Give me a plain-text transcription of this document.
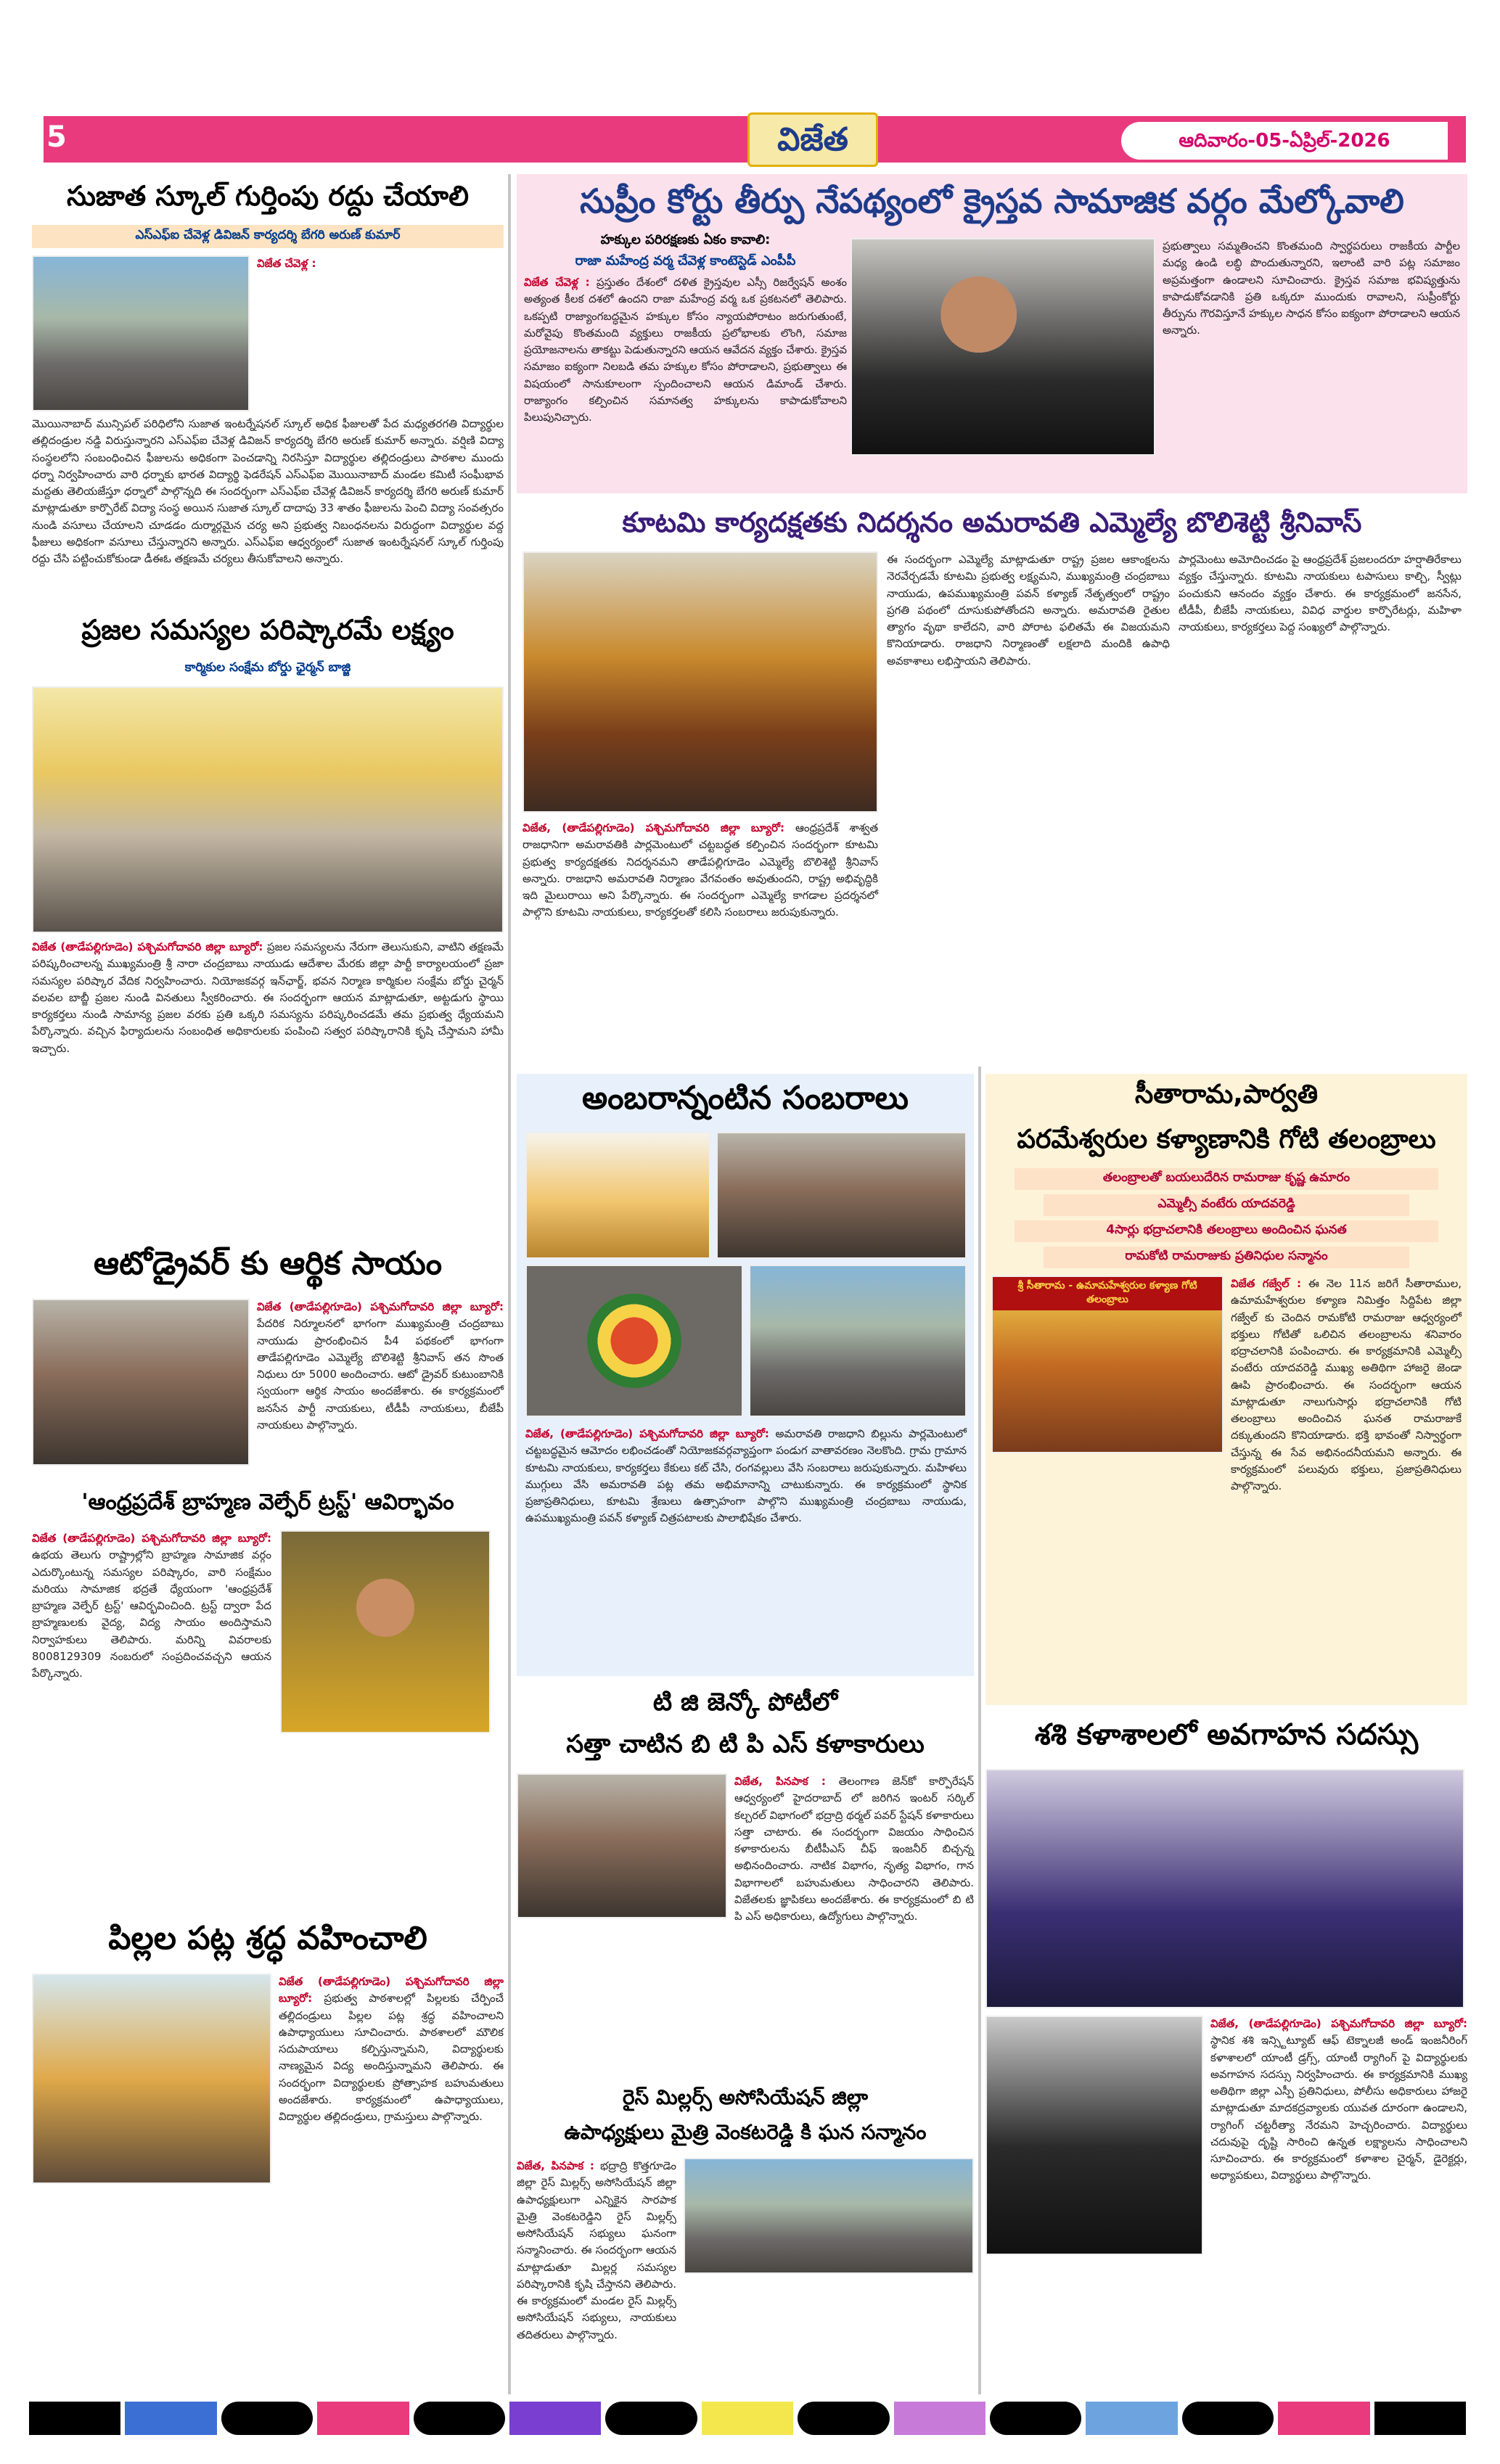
5	విజేత	ఆదివారం-05-ఏప్రిల్-2026
సుజాత స్కూల్ గుర్తింపు రద్దు చేయాలి
ఎస్ఎఫ్ఐ చేవెళ్ల డివిజన్ కార్యదర్శి బేగరి అరుణ్ కుమార్
విజేత చేవెళ్ల :
మొయినాబాద్ మున్సిపల్ పరిధిలోని సుజాత ఇంటర్నేషనల్ స్కూల్ అధిక ఫీజులతో పేద మధ్యతరగతి విద్యార్థుల తల్లిదండ్రుల నడ్డి విరుస్తున్నారని ఎస్ఎఫ్ఐ చేవెళ్ల డివిజన్ కార్యదర్శి బేగరి అరుణ్ కుమార్ అన్నారు. వర్షిణి విద్యా సంస్థలలోని సంబంధించిన ఫీజులను అధికంగా పెంచడాన్ని నిరసిస్తూ విద్యార్థుల తల్లిదండ్రులు పాఠశాల ముందు ధర్నా నిర్వహించారు వారి ధర్నాకు భారత విద్యార్థి ఫెడరేషన్ ఎస్ఎఫ్ఐ మొయినాబాద్ మండల కమిటీ సంఘీభావ మద్దతు తెలియజేస్తూ ధర్నాలో పాల్గొన్నది ఈ సందర్భంగా ఎస్ఎఫ్ఐ చేవెళ్ల డివిజన్ కార్యదర్శి బేగరి అరుణ్ కుమార్ మాట్లాడుతూ కార్పొరేట్ విద్యా సంస్థ అయిన సుజాత స్కూల్ దాదాపు 33 శాతం ఫీజులను పెంచి విద్యా సంవత్సరం నుండి వసూలు చేయాలని చూడడం దుర్మార్గమైన చర్య అని ప్రభుత్వ నిబంధనలను విరుద్ధంగా విద్యార్థుల వద్ద ఫీజులు అధికంగా వసూలు చేస్తున్నారని అన్నారు. ఎస్ఎఫ్ఐ ఆధ్వర్యంలో సుజాత ఇంటర్నేషనల్ స్కూల్ గుర్తింపు రద్దు చేసి పట్టించుకోకుండా డీఈఓ తక్షణమే చర్యలు తీసుకోవాలని అన్నారు.
ప్రజల సమస్యల పరిష్కారమే లక్ష్యం
కార్మికుల సంక్షేమ బోర్డు ఛైర్మన్ బాజ్జి
విజేత (తాడేపల్లిగూడెం) పశ్చిమగోదావరి జిల్లా బ్యూరో: ప్రజల సమస్యలను నేరుగా తెలుసుకుని, వాటిని తక్షణమే పరిష్కరించాలన్న ముఖ్యమంత్రి శ్రీ నారా చంద్రబాబు నాయుడు ఆదేశాల మేరకు జిల్లా పార్టీ కార్యాలయంలో ప్రజా సమస్యల పరిష్కార వేదిక నిర్వహించారు. నియోజకవర్గ ఇన్‌ఛార్జ్, భవన నిర్మాణ కార్మికుల సంక్షేమ బోర్డు చైర్మన్ వలవల బాబ్జీ ప్రజల నుండి వినతులు స్వీకరించారు. ఈ సందర్భంగా ఆయన మాట్లాడుతూ, అట్టడుగు స్థాయి కార్యకర్తలు నుండి సామాన్య ప్రజల వరకు ప్రతి ఒక్కరి సమస్యను పరిష్కరించడమే తమ ప్రభుత్వ ధ్యేయమని పేర్కొన్నారు. వచ్చిన ఫిర్యాదులను సంబంధిత అధికారులకు పంపించి సత్వర పరిష్కారానికి కృషి చేస్తామని హామీ ఇచ్చారు.
ఆటోడ్రైవర్ కు ఆర్థిక సాయం
విజేత (తాడేపల్లిగూడెం) పశ్చిమగోదావరి జిల్లా బ్యూరో: పేదరిక నిర్మూలనలో భాగంగా ముఖ్యమంత్రి చంద్రబాబు నాయుడు ప్రారంభించిన పీ4 పథకంలో భాగంగా తాడేపల్లిగూడెం ఎమ్మెల్యే బొలిశెట్టి శ్రీనివాస్ తన సొంత నిధులు రూ 5000 అందించారు. ఆటో డ్రైవర్ కుటుంబానికి స్వయంగా ఆర్థిక సాయం అందజేశారు. ఈ కార్యక్రమంలో జనసేన పార్టీ నాయకులు, టీడీపీ నాయకులు, బీజేపీ నాయకులు పాల్గొన్నారు.
'ఆంధ్రప్రదేశ్ బ్రాహ్మణ వెల్ఫేర్ ట్రస్ట్' ఆవిర్భావం
విజేత (తాడేపల్లిగూడెం) పశ్చిమగోదావరి జిల్లా బ్యూరో: ఉభయ తెలుగు రాష్ట్రాల్లోని బ్రాహ్మణ సామాజిక వర్గం ఎదుర్కొంటున్న సమస్యల పరిష్కారం, వారి సంక్షేమం మరియు సామాజిక భద్రతే ధ్యేయంగా 'ఆంధ్రప్రదేశ్ బ్రాహ్మణ వెల్ఫేర్ ట్రస్ట్' ఆవిర్భవించింది. ట్రస్ట్ ద్వారా పేద బ్రాహ్మణులకు వైద్య, విద్య సాయం అందిస్తామని నిర్వాహకులు తెలిపారు. మరిన్ని వివరాలకు 8008129309 నంబరులో సంప్రదించవచ్చని ఆయన పేర్కొన్నారు.
పిల్లల పట్ల శ్రద్ధ వహించాలి
విజేత (తాడేపల్లిగూడెం) పశ్చిమగోదావరి జిల్లా బ్యూరో: ప్రభుత్వ పాఠశాలల్లో పిల్లలకు చేర్పించే తల్లిదండ్రులు పిల్లల పట్ల శ్రద్ధ వహించాలని ఉపాధ్యాయులు సూచించారు. పాఠశాలలో మౌలిక సదుపాయాలు కల్పిస్తున్నామని, విద్యార్థులకు నాణ్యమైన విద్య అందిస్తున్నామని తెలిపారు. ఈ సందర్భంగా విద్యార్థులకు ప్రోత్సాహక బహుమతులు అందజేశారు. కార్యక్రమంలో ఉపాధ్యాయులు, విద్యార్థుల తల్లిదండ్రులు, గ్రామస్తులు పాల్గొన్నారు.
సుప్రీం కోర్టు తీర్పు నేపథ్యంలో క్రైస్తవ సామాజిక వర్గం మేల్కోవాలి
హక్కుల పరిరక్షణకు ఏకం కావాలి:
రాజా మహేంద్ర వర్మ చేవెళ్ల కాంటెస్టెడ్ ఎంపీపీ
విజేత చేవెళ్ల : ప్రస్తుతం దేశంలో దళిత క్రైస్తవుల ఎస్సీ రిజర్వేషన్ అంశం అత్యంత కీలక దశలో ఉందని రాజా మహేంద్ర వర్మ ఒక ప్రకటనలో తెలిపారు. ఒకప్పటి రాజ్యాంగబద్ధమైన హక్కుల కోసం న్యాయపోరాటం జరుగుతుంటే, మరోవైపు కొంతమంది వ్యక్తులు రాజకీయ ప్రలోభాలకు లొంగి, సమాజ ప్రయోజనాలను తాకట్టు పెడుతున్నారని ఆయన ఆవేదన వ్యక్తం చేశారు. క్రైస్తవ సమాజం ఐక్యంగా నిలబడి తమ హక్కుల కోసం పోరాడాలని, ప్రభుత్వాలు ఈ విషయంలో సానుకూలంగా స్పందించాలని ఆయన డిమాండ్ చేశారు. రాజ్యాంగం కల్పించిన సమానత్వ హక్కులను కాపాడుకోవాలని పిలుపునిచ్చారు.
ప్రభుత్వాలు సమ్మతించని కొంతమంది స్వార్థపరులు రాజకీయ పార్టీల మధ్య ఉండి లబ్ధి పొందుతున్నారని, ఇలాంటి వారి పట్ల సమాజం అప్రమత్తంగా ఉండాలని సూచించారు. క్రైస్తవ సమాజ భవిష్యత్తును కాపాడుకోవడానికి ప్రతి ఒక్కరూ ముందుకు రావాలని, సుప్రీంకోర్టు తీర్పును గౌరవిస్తూనే హక్కుల సాధన కోసం ఐక్యంగా పోరాడాలని ఆయన అన్నారు.
కూటమి కార్యదక్షతకు నిదర్శనం అమరావతి ఎమ్మెల్యే బొలిశెట్టి శ్రీనివాస్
విజేత, (తాడేపల్లిగూడెం) పశ్చిమగోదావరి జిల్లా బ్యూరో: ఆంధ్రప్రదేశ్ శాశ్వత రాజధానిగా అమరావతికి పార్లమెంటులో చట్టబద్ధత కల్పించిన సందర్భంగా కూటమి ప్రభుత్వ కార్యదక్షతకు నిదర్శనమని తాడేపల్లిగూడెం ఎమ్మెల్యే బొలిశెట్టి శ్రీనివాస్ అన్నారు. రాజధాని అమరావతి నిర్మాణం వేగవంతం అవుతుందని, రాష్ట్ర అభివృద్ధికి ఇది మైలురాయి అని పేర్కొన్నారు. ఈ సందర్భంగా ఎమ్మెల్యే కాగడాల ప్రదర్శనలో పాల్గొని కూటమి నాయకులు, కార్యకర్తలతో కలిసి సంబరాలు జరుపుకున్నారు.
ఈ సందర్భంగా ఎమ్మెల్యే మాట్లాడుతూ రాష్ట్ర ప్రజల ఆకాంక్షలను నెరవేర్చడమే కూటమి ప్రభుత్వ లక్ష్యమని, ముఖ్యమంత్రి చంద్రబాబు నాయుడు, ఉపముఖ్యమంత్రి పవన్ కళ్యాణ్ నేతృత్వంలో రాష్ట్రం ప్రగతి పథంలో దూసుకుపోతోందని అన్నారు. అమరావతి రైతుల త్యాగం వృథా కాలేదని, వారి పోరాట ఫలితమే ఈ విజయమని కొనియాడారు. రాజధాని నిర్మాణంతో లక్షలాది మందికి ఉపాధి అవకాశాలు లభిస్తాయని తెలిపారు.
పార్లమెంటు అమోదించడం పై ఆంధ్రప్రదేశ్ ప్రజలందరూ హర్షాతిరేకాలు వ్యక్తం చేస్తున్నారు. కూటమి నాయకులు టపాసులు కాల్చి, స్వీట్లు పంచుకుని ఆనందం వ్యక్తం చేశారు. ఈ కార్యక్రమంలో జనసేన, టీడీపీ, బీజేపీ నాయకులు, వివిధ వార్డుల కార్పొరేటర్లు, మహిళా నాయకులు, కార్యకర్తలు పెద్ద సంఖ్యలో పాల్గొన్నారు.
అంబరాన్నంటిన సంబరాలు
విజేత, (తాడేపల్లిగూడెం) పశ్చిమగోదావరి జిల్లా బ్యూరో: అమరావతి రాజధాని బిల్లును పార్లమెంటులో చట్టబద్ధమైన ఆమోదం లభించడంతో నియోజకవర్గవ్యాప్తంగా పండుగ వాతావరణం నెలకొంది. గ్రామ గ్రామాన కూటమి నాయకులు, కార్యకర్తలు కేకులు కట్ చేసి, రంగవల్లులు వేసి సంబరాలు జరుపుకున్నారు. మహిళలు ముగ్గులు వేసి అమరావతి పట్ల తమ అభిమానాన్ని చాటుకున్నారు. ఈ కార్యక్రమంలో స్థానిక ప్రజాప్రతినిధులు, కూటమి శ్రేణులు ఉత్సాహంగా పాల్గొని ముఖ్యమంత్రి చంద్రబాబు నాయుడు, ఉపముఖ్యమంత్రి పవన్ కళ్యాణ్ చిత్రపటాలకు పాలాభిషేకం చేశారు.
టి జి జెన్కో పోటీలో
సత్తా చాటిన బి టి పి ఎస్ కళాకారులు
విజేత, పినపాక : తెలంగాణ జెన్‌కో కార్పొరేషన్ ఆధ్వర్యంలో హైదరాబాద్ లో జరిగిన ఇంటర్ సర్కిల్ కల్చరల్ విభాగంలో భద్రాద్రి థర్మల్ పవర్ స్టేషన్ కళాకారులు సత్తా చాటారు. ఈ సందర్భంగా విజయం సాధించిన కళాకారులను బీటీపీఎస్ చీఫ్ ఇంజనీర్ బిచ్చన్న అభినందించారు. నాటిక విభాగం, నృత్య విభాగం, గాన విభాగాలలో బహుమతులు సాధించారని తెలిపారు. విజేతలకు జ్ఞాపికలు అందజేశారు. ఈ కార్యక్రమంలో బి టి పి ఎస్ అధికారులు, ఉద్యోగులు పాల్గొన్నారు.
రైస్ మిల్లర్స్ అసోసియేషన్ జిల్లా
ఉపాధ్యక్షులు మైత్రి వెంకటరెడ్డి కి ఘన సన్మానం
విజేత, పినపాక : భద్రాద్రి కొత్తగూడెం జిల్లా రైస్ మిల్లర్స్ అసోసియేషన్ జిల్లా ఉపాధ్యక్షులుగా ఎన్నికైన సారపాక మైత్రి వెంకటరెడ్డిని రైస్ మిల్లర్స్ అసోసియేషన్ సభ్యులు ఘనంగా సన్మానించారు. ఈ సందర్భంగా ఆయన మాట్లాడుతూ మిల్లర్ల సమస్యల పరిష్కారానికి కృషి చేస్తానని తెలిపారు. ఈ కార్యక్రమంలో మండల రైస్ మిల్లర్స్ అసోసియేషన్ సభ్యులు, నాయకులు తదితరులు పాల్గొన్నారు.
సీతారామ,పార్వతి
పరమేశ్వరుల కళ్యాణానికి గోటి తలంబ్రాలు
తలంబ్రాలతో బయలుదేరిన రామరాజు కృష్ణ ఉమారం
ఎమ్మెల్సీ వంటేరు యాదవరెడ్డి
4సార్లు భద్రాచలానికి తలంబ్రాలు అందించిన ఘనత
రామకోటి రామరాజుకు ప్రతినిధుల సన్మానం
శ్రీ సీతారామ - ఉమామహేశ్వరుల కళ్యాణ గోటి తలంబ్రాలు
విజేత గజ్వేల్ : ఈ నెల 11న జరిగే సీతారాముల, ఉమామహేశ్వరుల కళ్యాణ నిమిత్తం సిద్దిపేట జిల్లా గజ్వేల్ కు చెందిన రామకోటి రామరాజు ఆధ్వర్యంలో భక్తులు గోటితో ఒలిచిన తలంబ్రాలను శనివారం భద్రాచలానికి పంపించారు. ఈ కార్యక్రమానికి ఎమ్మెల్సీ వంటేరు యాదవరెడ్డి ముఖ్య అతిథిగా హాజరై జెండా ఊపి ప్రారంభించారు. ఈ సందర్భంగా ఆయన మాట్లాడుతూ నాలుగుసార్లు భద్రాచలానికి గోటి తలంబ్రాలు అందించిన ఘనత రామరాజుకే దక్కుతుందని కొనియాడారు. భక్తి భావంతో నిస్వార్థంగా చేస్తున్న ఈ సేవ అభినందనీయమని అన్నారు. ఈ కార్యక్రమంలో పలువురు భక్తులు, ప్రజాప్రతినిధులు పాల్గొన్నారు.
శశి కళాశాలలో అవగాహన సదస్సు
విజేత, (తాడేపల్లిగూడెం) పశ్చిమగోదావరి జిల్లా బ్యూరో: స్థానిక శశి ఇన్స్టిట్యూట్ ఆఫ్ టెక్నాలజీ అండ్ ఇంజనీరింగ్ కళాశాలలో యాంటీ డ్రగ్స్, యాంటీ ర్యాగింగ్ పై విద్యార్థులకు అవగాహన సదస్సు నిర్వహించారు. ఈ కార్యక్రమానికి ముఖ్య అతిథిగా జిల్లా ఎస్పీ ప్రతినిధులు, పోలీసు అధికారులు హాజరై మాట్లాడుతూ మాదకద్రవ్యాలకు యువత దూరంగా ఉండాలని, ర్యాగింగ్ చట్టరీత్యా నేరమని హెచ్చరించారు. విద్యార్థులు చదువుపై దృష్టి సారించి ఉన్నత లక్ష్యాలను సాధించాలని సూచించారు. ఈ కార్యక్రమంలో కళాశాల చైర్మన్, డైరెక్టర్లు, అధ్యాపకులు, విద్యార్థులు పాల్గొన్నారు.
